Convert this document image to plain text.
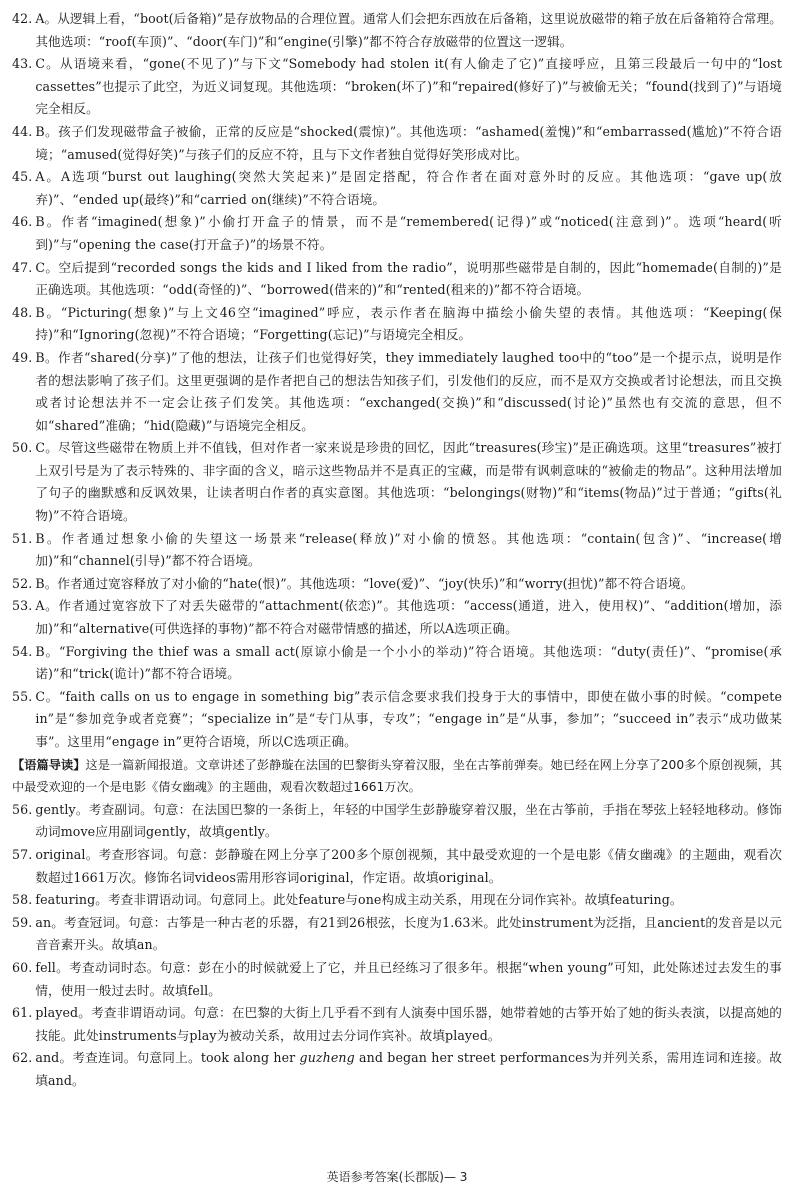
42. A。从逻辑上看，“boot(后备箱)”是存放物品的合理位置。通常人们会把东西放在后备箱，这里说放磁带的箱子放在后备箱符合常理。其他选项：“roof(车顶)”、“door(车门)”和“engine(引擎)”都不符合存放磁带的位置这一逻辑。
43. C。从语境来看，“gone(不见了)”与下文“Somebody had stolen it(有人偷走了它)”直接呼应，且第三段最后一句中的“lost cassettes”也提示了此空，为近义词复现。其他选项：“broken(坏了)”和“repaired(修好了)”与被偷无关；“found(找到了)”与语境完全相反。
44. B。孩子们发现磁带盒子被偷，正常的反应是“shocked(震惊)”。其他选项：“ashamed(羞愧)”和“embarrassed(尴尬)”不符合语境；“amused(觉得好笑)”与孩子们的反应不符，且与下文作者独自觉得好笑形成对比。
45. A。A选项“burst out laughing(突然大笑起来)”是固定搭配，符合作者在面对意外时的反应。其他选项：“gave up(放弃)”、“ended up(最终)”和“carried on(继续)”不符合语境。
46. B。作者“imagined(想象)”小偷打开盒子的情景，而不是“remembered(记得)”或“noticed(注意到)”。选项“heard(听到)”与“opening the case(打开盒子)”的场景不符。
47. C。空后提到“recorded songs the kids and I liked from the radio”，说明那些磁带是自制的，因此“homemade(自制的)”是正确选项。其他选项：“odd(奇怪的)”、“borrowed(借来的)”和“rented(租来的)”都不符合语境。
48. B。“Picturing(想象)”与上文46空“imagined”呼应，表示作者在脑海中描绘小偷失望的表情。其他选项：“Keeping(保持)”和“Ignoring(忽视)”不符合语境；“Forgetting(忘记)”与语境完全相反。
49. B。作者“shared(分享)”了他的想法，让孩子们也觉得好笑，they immediately laughed too中的“too”是一个提示点，说明是作者的想法影响了孩子们。这里更强调的是作者把自己的想法告知孩子们，引发他们的反应，而不是双方交换或者讨论想法，而且交换或者讨论想法并不一定会让孩子们发笑。其他选项：“exchanged(交换)”和“discussed(讨论)”虽然也有交流的意思，但不如“shared”准确；“hid(隐藏)”与语境完全相反。
50. C。尽管这些磁带在物质上并不值钱，但对作者一家来说是珍贵的回忆，因此“treasures(珍宝)”是正确选项。这里“treasures”被打上双引号是为了表示特殊的、非字面的含义，暗示这些物品并不是真正的宝藏，而是带有讽刺意味的“被偷走的物品”。这种用法增加了句子的幽默感和反讽效果，让读者明白作者的真实意图。其他选项：“belongings(财物)”和“items(物品)”过于普通；“gifts(礼物)”不符合语境。
51. B。作者通过想象小偷的失望这一场景来“release(释放)”对小偷的愤怒。其他选项：“contain(包含)”、“increase(增加)”和“channel(引导)”都不符合语境。
52. B。作者通过宽容释放了对小偷的“hate(恨)”。其他选项：“love(爱)”、“joy(快乐)”和“worry(担忧)”都不符合语境。
53. A。作者通过宽容放下了对丢失磁带的“attachment(依恋)”。其他选项：“access(通道，进入，使用权)”、“addition(增加，添加)”和“alternative(可供选择的事物)”都不符合对磁带情感的描述，所以A选项正确。
54. B。“Forgiving the thief was a small act(原谅小偷是一个小小的举动)”符合语境。其他选项：“duty(责任)”、“promise(承诺)”和“trick(诡计)”都不符合语境。
55. C。“faith calls on us to engage in something big”表示信念要求我们投身于大的事情中，即使在做小事的时候。“compete in”是“参加竞争或者竞赛”；“specialize in”是“专门从事，专攻”；“engage in”是“从事，参加”；“succeed in”表示“成功做某事”。这里用“engage in”更符合语境，所以C选项正确。
【语篇导读】这是一篇新闻报道。文章讲述了彭静璇在法国的巴黎街头穿着汉服，坐在古筝前弹奏。她已经在网上分享了200多个原创视频，其中最受欢迎的一个是电影《倩女幽魂》的主题曲，观看次数超过1661万次。
56. gently。考查副词。句意：在法国巴黎的一条街上，年轻的中国学生彭静璇穿着汉服，坐在古筝前，手指在琴弦上轻轻地移动。修饰动词move应用副词gently，故填gently。
57. original。考查形容词。句意：彭静璇在网上分享了200多个原创视频，其中最受欢迎的一个是电影《倩女幽魂》的主题曲，观看次数超过1661万次。修饰名词videos需用形容词original，作定语。故填original。
58. featuring。考查非谓语动词。句意同上。此处feature与one构成主动关系，用现在分词作宾补。故填featuring。
59. an。考查冠词。句意：古筝是一种古老的乐器，有21到26根弦，长度为1.63米。此处instrument为泛指，且ancient的发音是以元音音素开头。故填an。
60. fell。考查动词时态。句意：彭在小的时候就爱上了它，并且已经练习了很多年。根据“when young”可知，此处陈述过去发生的事情，使用一般过去时。故填fell。
61. played。考查非谓语动词。句意：在巴黎的大街上几乎看不到有人演奏中国乐器，她带着她的古筝开始了她的街头表演，以提高她的技能。此处instruments与play为被动关系，故用过去分词作宾补。故填played。
62. and。考查连词。句意同上。took along her guzheng and began her street performances为并列关系，需用连词和连接。故填and。
英语参考答案(长郡版)— 3
